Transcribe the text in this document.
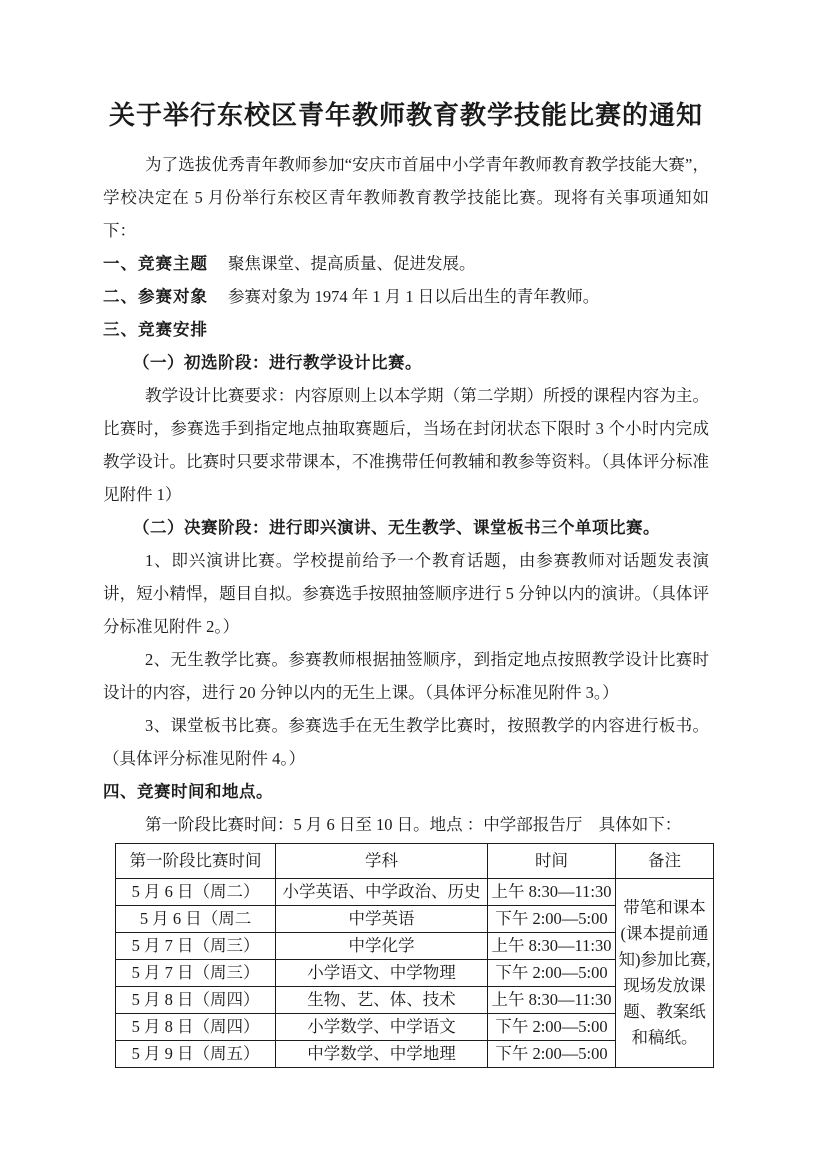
关于举行东校区青年教师教育教学技能比赛的通知

为了选拔优秀青年教师参加“安庆市首届中小学青年教师教育教学技能大赛”，学校决定在 5 月份举行东校区青年教师教育教学技能比赛。现将有关事项通知如下：

一、竞赛主题 聚焦课堂、提高质量、促进发展。

二、参赛对象 参赛对象为 1974 年 1 月 1 日以后出生的青年教师。

三、竞赛安排

（一）初选阶段：进行教学设计比赛。

教学设计比赛要求：内容原则上以本学期（第二学期）所授的课程内容为主。比赛时，参赛选手到指定地点抽取赛题后，当场在封闭状态下限时 3 个小时内完成教学设计。比赛时只要求带课本，不准携带任何教辅和教参等资料。（具体评分标准见附件 1）

（二）决赛阶段：进行即兴演讲、无生教学、课堂板书三个单项比赛。

1、即兴演讲比赛。学校提前给予一个教育话题，由参赛教师对话题发表演讲，短小精悍，题目自拟。参赛选手按照抽签顺序进行 5 分钟以内的演讲。（具体评分标准见附件 2。）

2、无生教学比赛。参赛教师根据抽签顺序，到指定地点按照教学设计比赛时设计的内容，进行 20 分钟以内的无生上课。（具体评分标准见附件 3。）

3、课堂板书比赛。参赛选手在无生教学比赛时，按照教学的内容进行板书。（具体评分标准见附件 4。）

四、竞赛时间和地点。

第一阶段比赛时间：5 月 6 日至 10 日。地点 ：中学部报告厅　具体如下：

第一阶段比赛时间	学科	时间	备注
5 月 6 日（周二）	小学英语、中学政治、历史	上午 8:30—11:30	带笔和课本(课本提前通知)参加比赛,现场发放课题、教案纸和稿纸。
5 月 6 日（周二	中学英语	下午 2:00—5:00	
5 月 7 日（周三）	中学化学	上午 8:30—11:30	
5 月 7 日（周三）	小学语文、中学物理	下午 2:00—5:00	
5 月 8 日（周四）	生物、艺、体、技术	上午 8:30—11:30	
5 月 8 日（周四）	小学数学、中学语文	下午 2:00—5:00	
5 月 9 日（周五）	中学数学、中学地理	下午 2:00—5:00	
